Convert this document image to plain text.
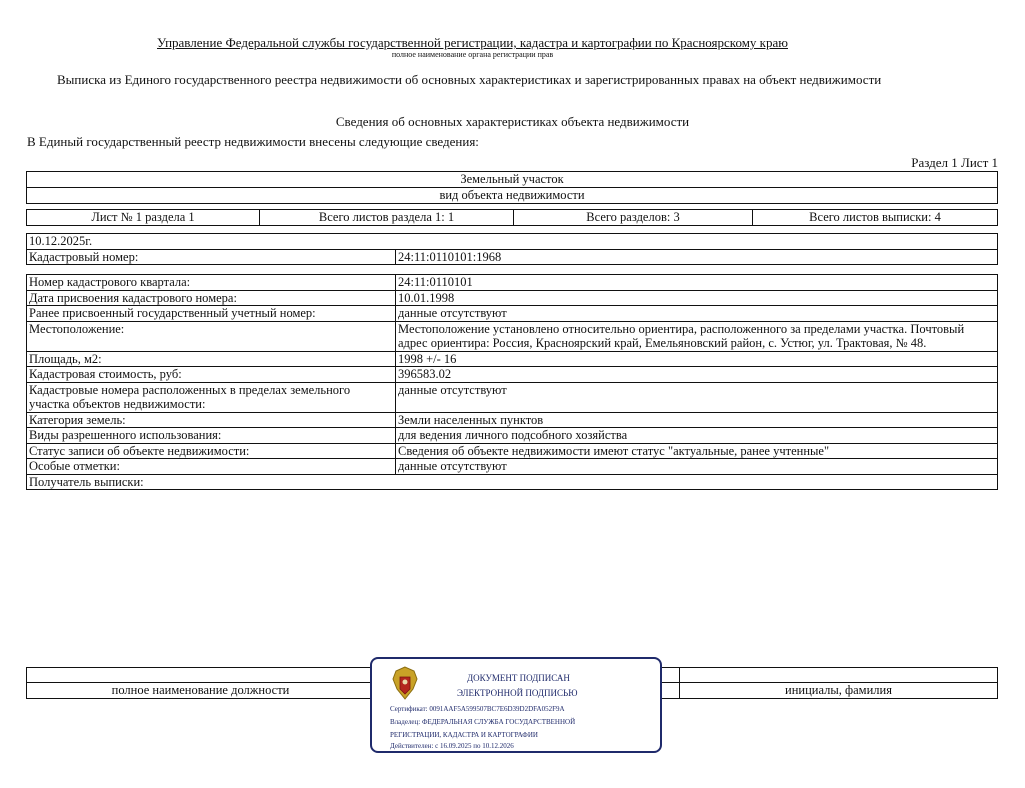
Управление Федеральной службы государственной регистрации, кадастра и картографии по Красноярскому краю
полное наименование органа регистрации прав
Выписка из Единого государственного реестра недвижимости об основных характеристиках и зарегистрированных правах на объект недвижимости
Сведения об основных характеристиках объекта недвижимости
В Единый государственный реестр недвижимости внесены следующие сведения:
Раздел 1 Лист 1
Земельный участок
вид объекта недвижимости
Лист № 1 раздела 1	Всего листов раздела 1: 1	Всего разделов: 3	Всего листов выписки: 4
10.12.2025г.
Кадастровый номер:	24:11:0110101:1968
Номер кадастрового квартала:	24:11:0110101
Дата присвоения кадастрового номера:	10.01.1998
Ранее присвоенный государственный учетный номер:	данные отсутствуют
Местоположение:	Местоположение установлено относительно ориентира, расположенного за пределами участка. Почтовый адрес ориентира: Россия, Красноярский край, Емельяновский район, с. Устюг, ул. Трактовая, № 48.
Площадь, м2:	1998 +/- 16
Кадастровая стоимость, руб:	396583.02
Кадастровые номера расположенных в пределах земельного участка объектов недвижимости:	данные отсутствуют
Категория земель:	Земли населенных пунктов
Виды разрешенного использования:	для ведения личного подсобного хозяйства
Статус записи об объекте недвижимости:	Сведения об объекте недвижимости имеют статус "актуальные, ранее учтенные"
Особые отметки:	данные отсутствуют
Получатель выписки:	

полное наименование должности		инициалы, фамилия
ДОКУМЕНТ ПОДПИСАН
ЭЛЕКТРОННОЙ ПОДПИСЬЮ
Сертификат: 0091AAF5A599507BC7E6D39D2DFA052F9A
Владелец: ФЕДЕРАЛЬНАЯ СЛУЖБА ГОСУДАРСТВЕННОЙ
РЕГИСТРАЦИИ, КАДАСТРА И КАРТОГРАФИИ
Действителен: с 16.09.2025 по 10.12.2026
